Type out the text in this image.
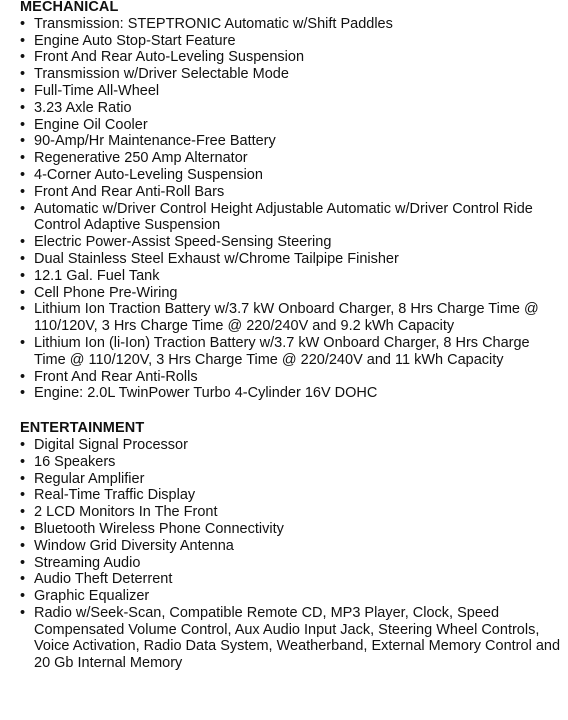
MECHANICAL
• Transmission: STEPTRONIC Automatic w/Shift Paddles
• Engine Auto Stop-Start Feature
• Front And Rear Auto-Leveling Suspension
• Transmission w/Driver Selectable Mode
• Full-Time All-Wheel
• 3.23 Axle Ratio
• Engine Oil Cooler
• 90-Amp/Hr Maintenance-Free Battery
• Regenerative 250 Amp Alternator
• 4-Corner Auto-Leveling Suspension
• Front And Rear Anti-Roll Bars
• Automatic w/Driver Control Height Adjustable Automatic w/Driver Control Ride Control Adaptive Suspension
• Electric Power-Assist Speed-Sensing Steering
• Dual Stainless Steel Exhaust w/Chrome Tailpipe Finisher
• 12.1 Gal. Fuel Tank
• Cell Phone Pre-Wiring
• Lithium Ion Traction Battery w/3.7 kW Onboard Charger, 8 Hrs Charge Time @ 110/120V, 3 Hrs Charge Time @ 220/240V and 9.2 kWh Capacity
• Lithium Ion (li-Ion) Traction Battery w/3.7 kW Onboard Charger, 8 Hrs Charge Time @ 110/120V, 3 Hrs Charge Time @ 220/240V and 11 kWh Capacity
• Front And Rear Anti-Rolls
• Engine: 2.0L TwinPower Turbo 4-Cylinder 16V DOHC
ENTERTAINMENT
• Digital Signal Processor
• 16 Speakers
• Regular Amplifier
• Real-Time Traffic Display
• 2 LCD Monitors In The Front
• Bluetooth Wireless Phone Connectivity
• Window Grid Diversity Antenna
• Streaming Audio
• Audio Theft Deterrent
• Graphic Equalizer
• Radio w/Seek-Scan, Compatible Remote CD, MP3 Player, Clock, Speed Compensated Volume Control, Aux Audio Input Jack, Steering Wheel Controls, Voice Activation, Radio Data System, Weatherband, External Memory Control and 20 Gb Internal Memory
